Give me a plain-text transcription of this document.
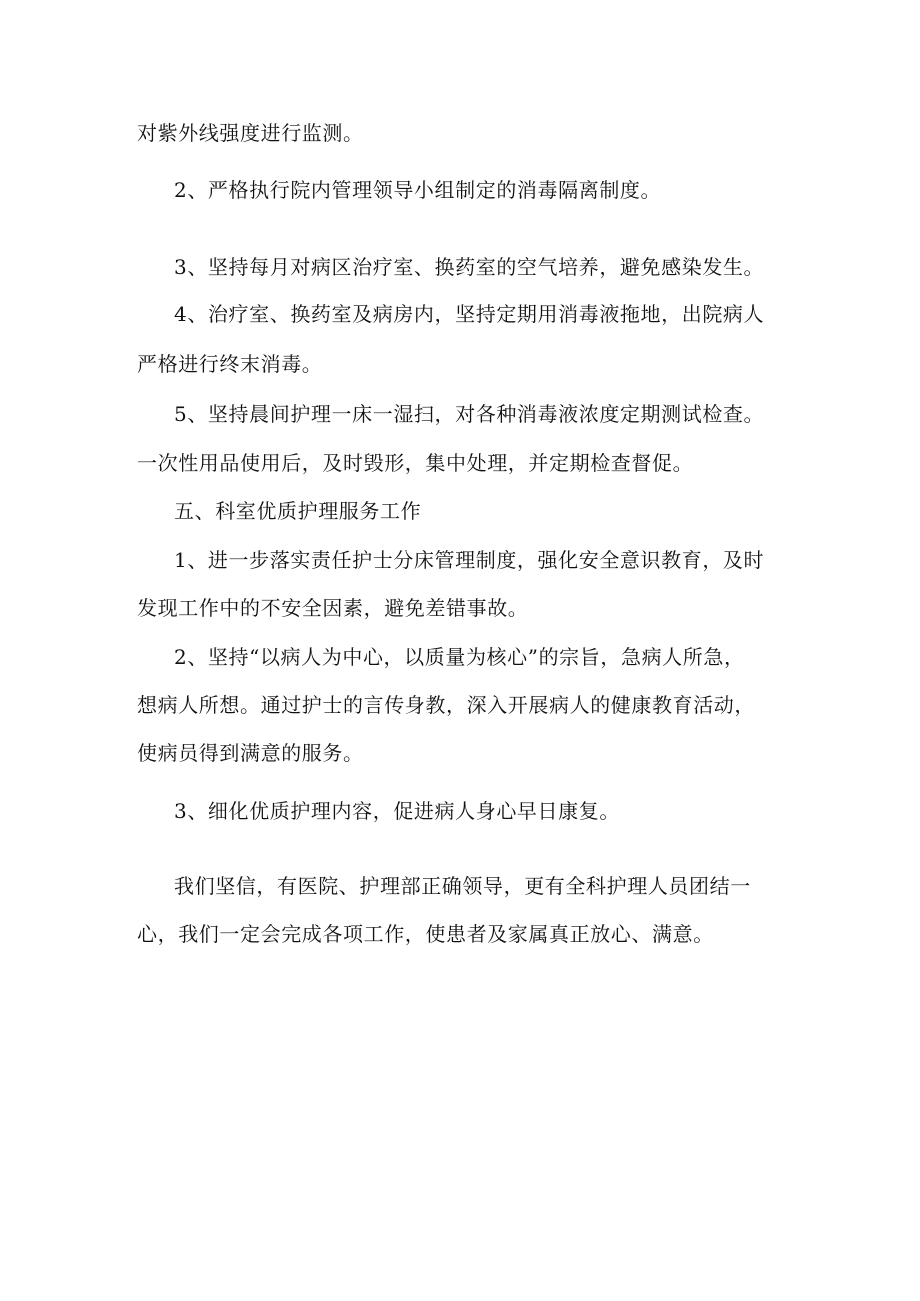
对紫外线强度进行监测。
2、严格执行院内管理领导小组制定的消毒隔离制度。
3、坚持每月对病区治疗室、换药室的空气培养，避免感染发生。
4、治疗室、换药室及病房内，坚持定期用消毒液拖地，出院病人
严格进行终末消毒。
5、坚持晨间护理一床一湿扫，对各种消毒液浓度定期测试检查。
一次性用品使用后，及时毁形，集中处理，并定期检查督促。
五、科室优质护理服务工作
1、进一步落实责任护士分床管理制度，强化安全意识教育，及时
发现工作中的不安全因素，避免差错事故。
2、坚持“以病人为中心，以质量为核心”的宗旨，急病人所急，
想病人所想。通过护士的言传身教，深入开展病人的健康教育活动，
使病员得到满意的服务。
3、细化优质护理内容，促进病人身心早日康复。
我们坚信，有医院、护理部正确领导，更有全科护理人员团结一
心，我们一定会完成各项工作，使患者及家属真正放心、满意。
